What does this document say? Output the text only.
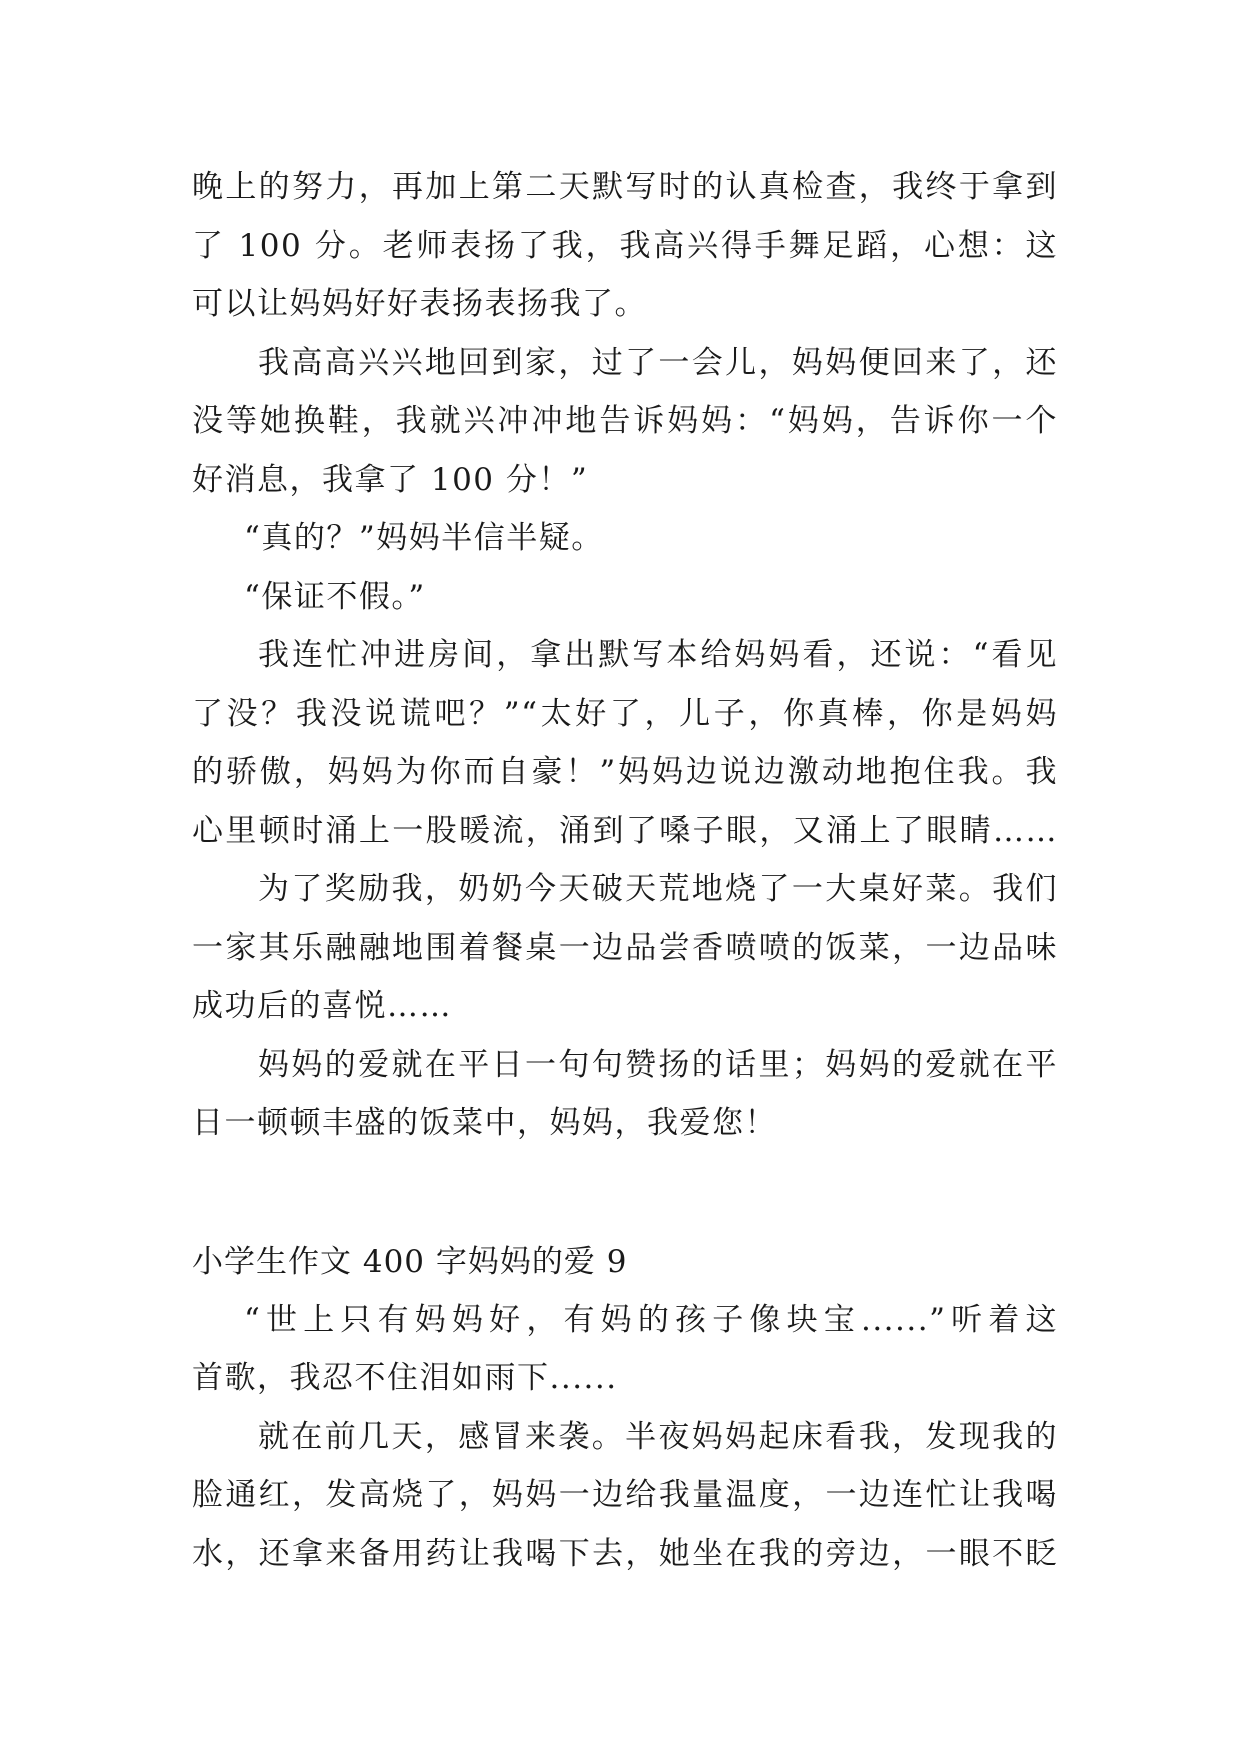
晚上的努力，再加上第二天默写时的认真检查，我终于拿到
了 100 分。老师表扬了我，我高兴得手舞足蹈，心想：这
可以让妈妈好好表扬表扬我了。
我高高兴兴地回到家，过了一会儿，妈妈便回来了，还
没等她换鞋，我就兴冲冲地告诉妈妈：“妈妈，告诉你一个
好消息，我拿了 100 分！”
“真的？”妈妈半信半疑。
“保证不假。”
我连忙冲进房间，拿出默写本给妈妈看，还说：“看见
了没？我没说谎吧？”“太好了，儿子，你真棒，你是妈妈
的骄傲，妈妈为你而自豪！”妈妈边说边激动地抱住我。我
心里顿时涌上一股暖流，涌到了嗓子眼，又涌上了眼睛……
为了奖励我，奶奶今天破天荒地烧了一大桌好菜。我们
一家其乐融融地围着餐桌一边品尝香喷喷的饭菜，一边品味
成功后的喜悦……
妈妈的爱就在平日一句句赞扬的话里；妈妈的爱就在平
日一顿顿丰盛的饭菜中，妈妈，我爱您！
小学生作文 400 字妈妈的爱 9
“世上只有妈妈好，有妈的孩子像块宝......”听着这
首歌，我忍不住泪如雨下......
就在前几天，感冒来袭。半夜妈妈起床看我，发现我的
脸通红，发高烧了，妈妈一边给我量温度，一边连忙让我喝
水，还拿来备用药让我喝下去，她坐在我的旁边，一眼不眨
